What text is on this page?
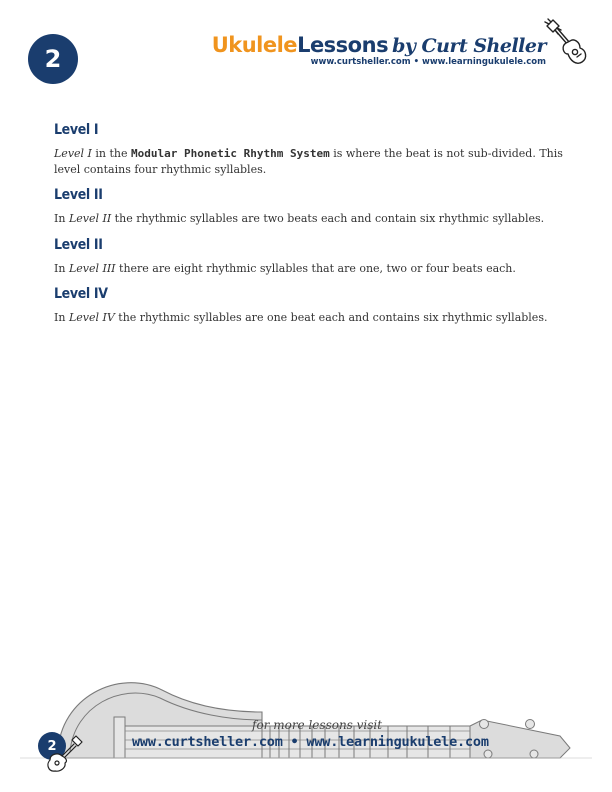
2	UkuleleLessons by Curt Sheller
www.curtsheller.com • www.learningukulele.com
Level I

Level I in the Modular Phonetic Rhythm System is where the beat is not sub-divided. This level contains four rhythmic syllables.

Level II

In Level II the rhythmic syllables are two beats each and contain six rhythmic syllables.

Level II

In Level III there are eight rhythmic syllables that are one, two or four beats each.

Level IV

In Level IV the rhythmic syllables are one beat each and contains six rhythmic syllables.

for more lessons visit
www.curtsheller.com • www.learningukulele.com
2
